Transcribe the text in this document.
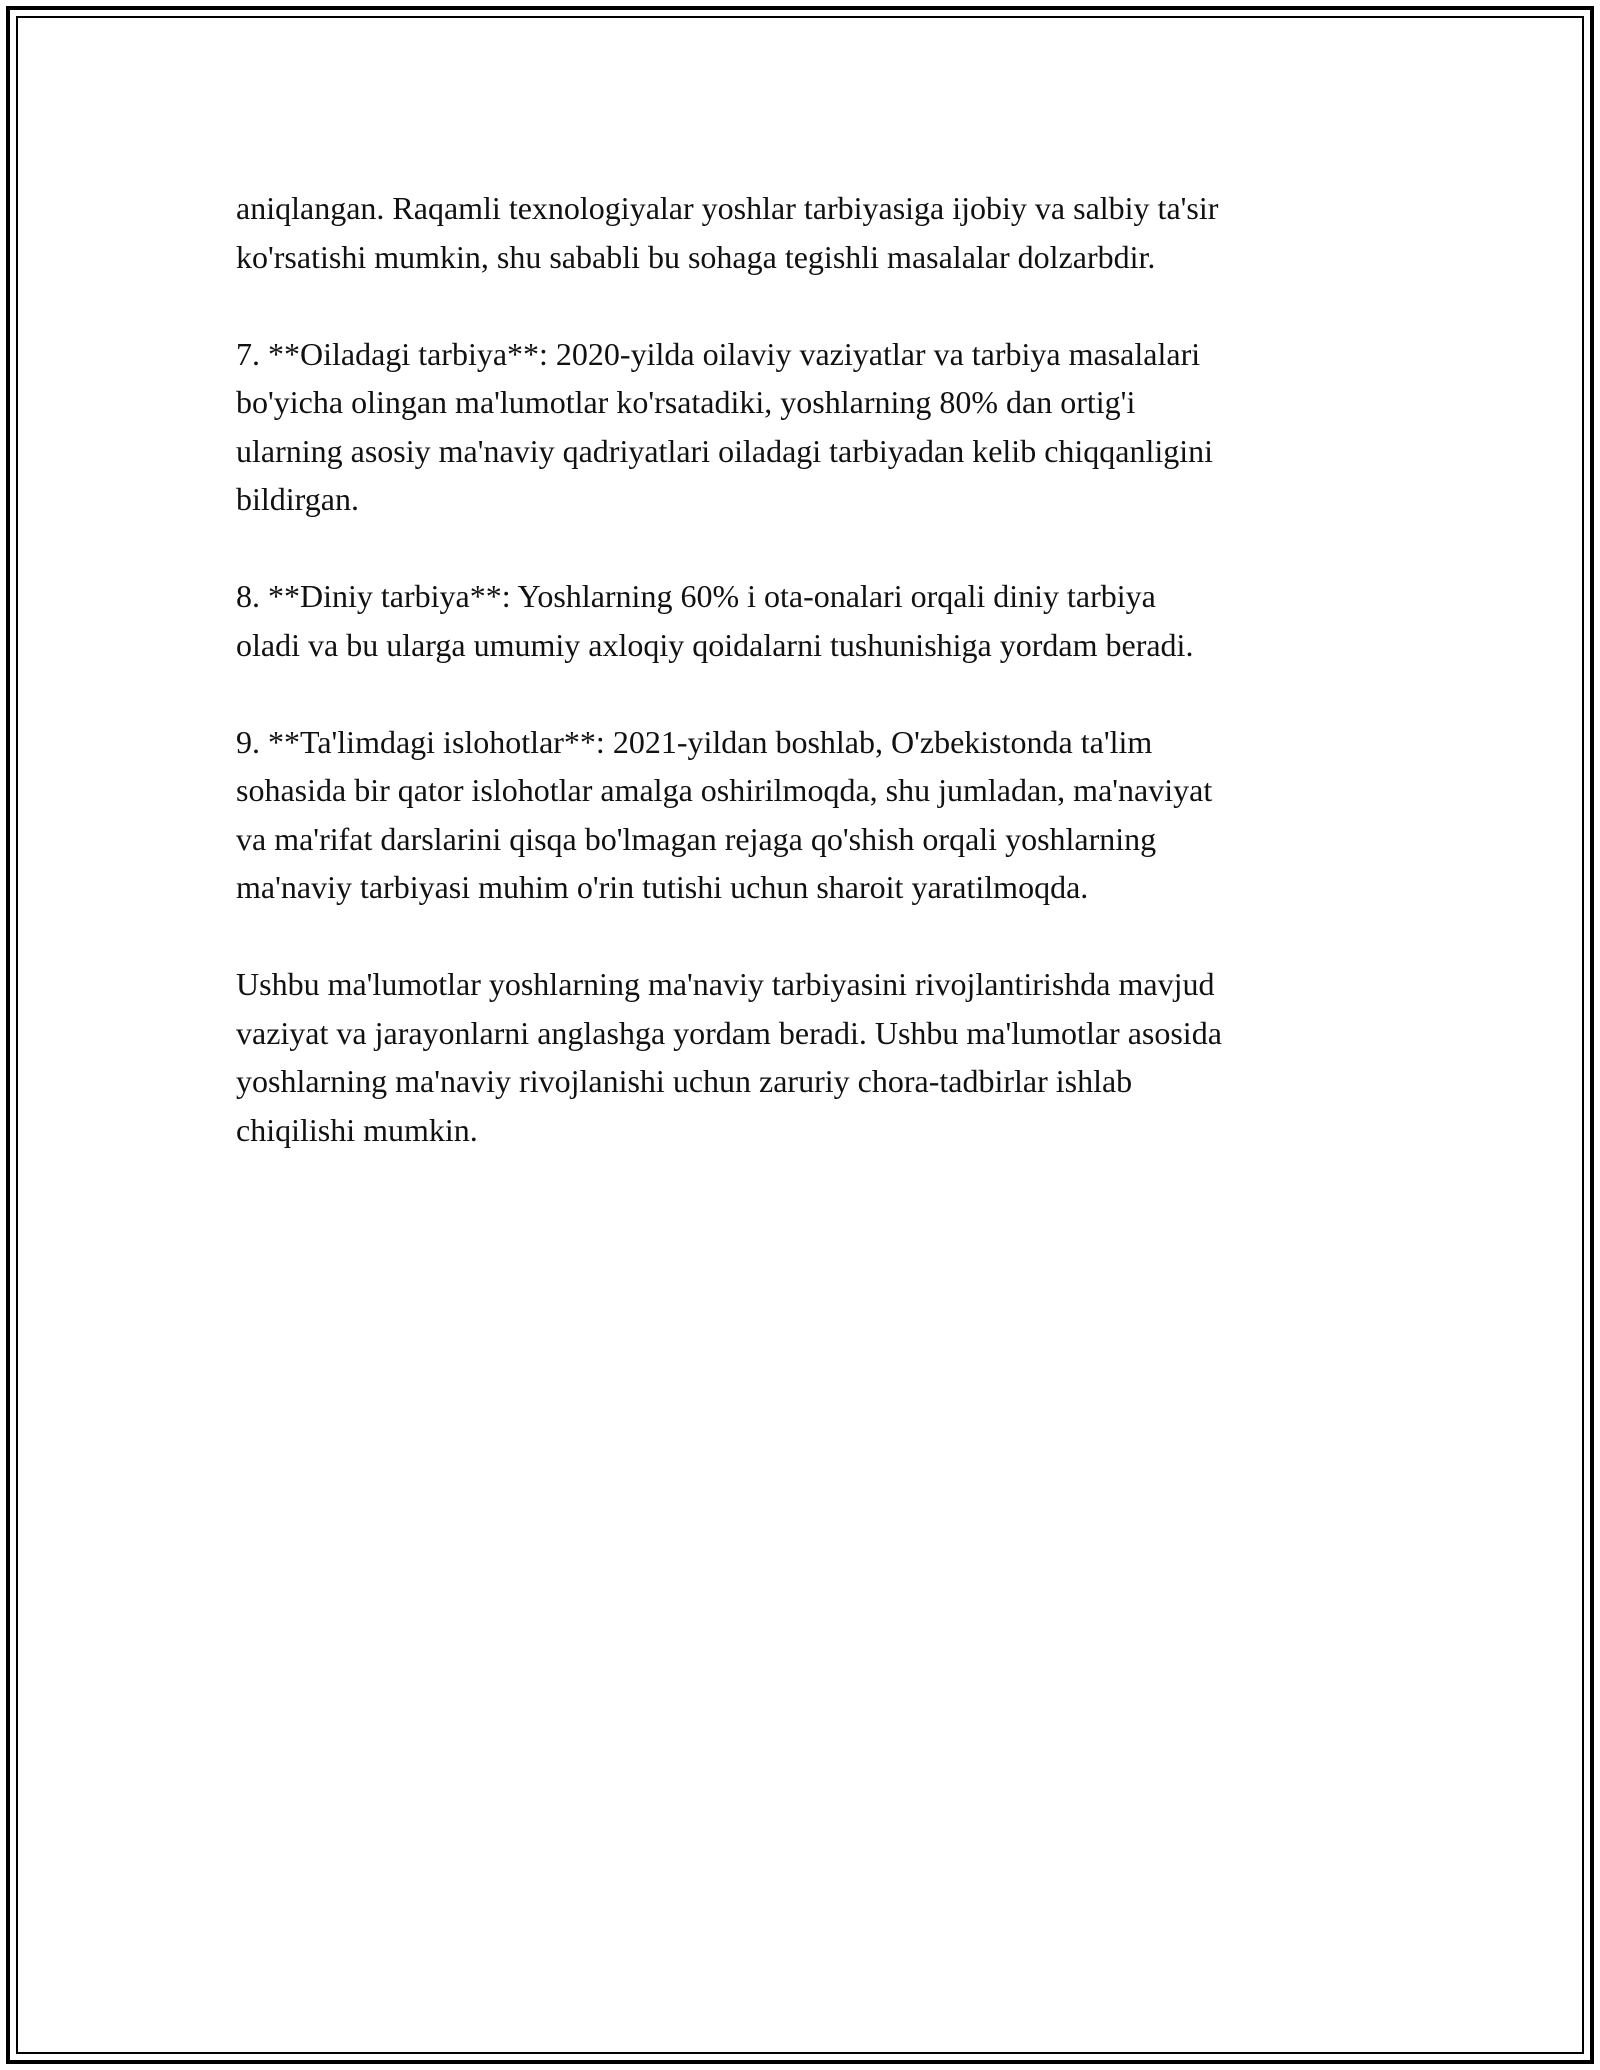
aniqlangan. Raqamli texnologiyalar yoshlar tarbiyasiga ijobiy va salbiy ta'sir
ko'rsatishi mumkin, shu sababli bu sohaga tegishli masalalar dolzarbdir.

7. **Oiladagi tarbiya**: 2020-yilda oilaviy vaziyatlar va tarbiya masalalari
bo'yicha olingan ma'lumotlar ko'rsatadiki, yoshlarning 80% dan ortig'i
ularning asosiy ma'naviy qadriyatlari oiladagi tarbiyadan kelib chiqqanligini
bildirgan.

8. **Diniy tarbiya**: Yoshlarning 60% i ota-onalari orqali diniy tarbiya
oladi va bu ularga umumiy axloqiy qoidalarni tushunishiga yordam beradi.

9. **Ta'limdagi islohotlar**: 2021-yildan boshlab, O'zbekistonda ta'lim
sohasida bir qator islohotlar amalga oshirilmoqda, shu jumladan, ma'naviyat
va ma'rifat darslarini qisqa bo'lmagan rejaga qo'shish orqali yoshlarning
ma'naviy tarbiyasi muhim o'rin tutishi uchun sharoit yaratilmoqda.

Ushbu ma'lumotlar yoshlarning ma'naviy tarbiyasini rivojlantirishda mavjud
vaziyat va jarayonlarni anglashga yordam beradi. Ushbu ma'lumotlar asosida
yoshlarning ma'naviy rivojlanishi uchun zaruriy chora-tadbirlar ishlab
chiqilishi mumkin.
